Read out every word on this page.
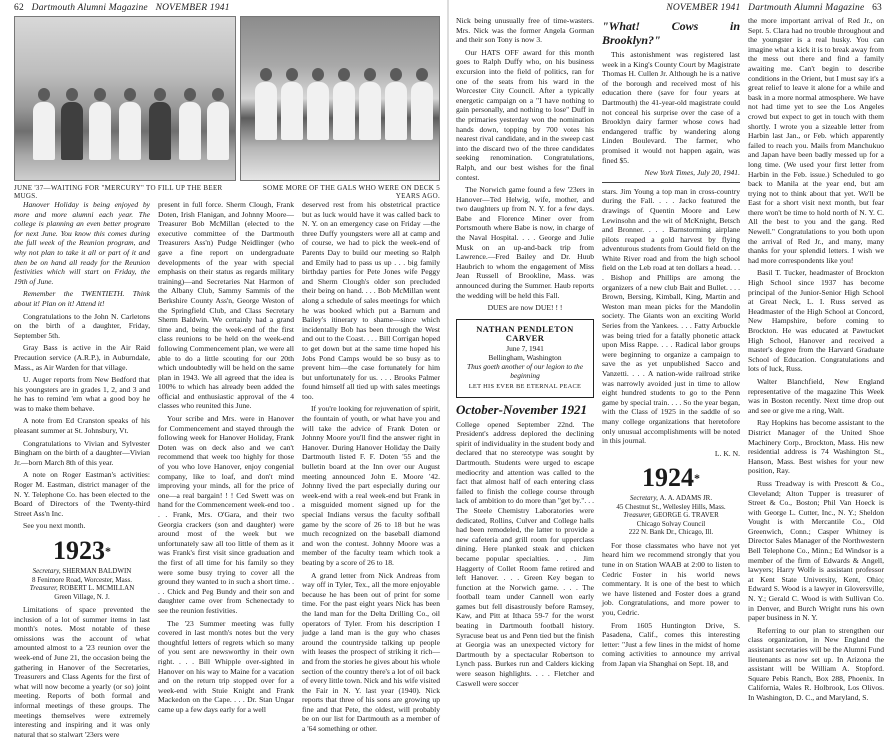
62 Dartmouth Alumni Magazine NOVEMBER 1941	NOVEMBER 1941 Dartmouth Alumni Magazine 63
JUNE '37—WAITING FOR "MERCURY" TO FILL UP THE BEER MUGS.
SOME MORE OF THE GALS WHO WERE ON DECK 5 YEARS AGO.

Hanover Holiday is being enjoyed by more and more alumni each year. The college is planning an even better program for next June. You know this comes during the full week of the Reunion program, and why not plan to take it all or part of it and then be on hand all ready for the Reunion festivities which will start on Friday, the 19th of June.

Remember the TWENTIETH. Think about it! Plan on it! Attend it!

Congratulations to the John N. Carletons on the birth of a daughter, Friday, September 5th.

Gray Bass is active in the Air Raid Precaution service (A.R.P.), in Auburndale, Mass., as Air Warden for that village.

U. Auger reports from New Bedford that his youngsters are in grades 1, 2, and 3 and he has to remind 'em what a good boy he was to make them behave.

A note from Ed Cranston speaks of his pleasant summer at St. Johnsbury, Vt.

Congratulations to Vivian and Sylvester Bingham on the birth of a daughter—Vivian Jr.—born March 8th of this year.

A note on Roger Eastman's activities: Roger M. Eastman, district manager of the N. Y. Telephone Co. has been elected to the Board of Directors of the Twenty-third Street Ass'n Inc.

See you next month.

1923*
Secretary, SHERMAN BALDWIN
8 Fenimore Road, Worcester, Mass.
Treasurer, ROBERT L. MCMILLAN
Green Village, N. J.

Limitations of space prevented the inclusion of a lot of summer items in last month's notes. Most notable of these omissions was the account of what amounted almost to a '23 reunion over the week-end of June 21, the occasion being the gathering in Hanover of the Secretaries, Treasurers and Class Agents for the first of what will now become a yearly (or so) joint meeting. Reports of both formal and informal meetings of these groups. The meetings themselves were extremely interesting and inspiring and it was only natural that so stalwart '23ers were

present in full force. Sherm Clough, Frank Doten, Irish Flanigan, and Johnny Moore—Treasurer Bob McMillan (elected to the executive committee of the Dartmouth Treasurers Ass'n) Pudge Neidlinger (who gave a fine report on undergraduate developments of the year with special emphasis on their status as regards military training)—and Secretaries Nat Harmon of the Albany Club, Sammy Sammis of the Berkshire County Ass'n, George Weston of the Springfield Club, and Class Secretary Sherm Baldwin. We certainly had a grand time and, being the week-end of the first class reunions to be held on the week-end following Commencement plan, we were all able to do a little scouting for our 20th which undoubtedly will be held on the same plan in 1943. We all agreed that the idea is 100% to which has already been added the official and enthusiastic approval of the 4 classes who reunited this June.

Your scribe and Mrs. were in Hanover for Commencement and stayed through the following week for Hanover Holiday, Frank Doten was on deck also and we can't recommend that week too highly for those of you who love Hanover, enjoy congenial company, like to loaf, and don't mind improving your minds, all for the price of one—a real bargain! ! ! Ced Swett was on hand for the Commencement week-end too . . . Frank, Mrs. O'Gara, and their two Georgia crackers (son and daughter) were around most of the week but we unfortunately saw all too little of them as it was Frank's first visit since graduation and the first of all time for his family so they were some busy trying to cover all the ground they wanted to in such a short time. . . . Chick and Peg Bundy and their son and daughter came over from Schenectady to see the reunion festivities.

The '23 Summer meeting was fully covered in last month's notes but the very thoughtful letters of regrets which so many of you sent are newsworthy in their own right. . . . Bill Whipple over-sighted in Hanover on his way to Maine for a vacation and on the return trip stopped over for a week-end with Stuie Knight and Frank Mackedon on the Cape. . . . Dr. Stan Ungar came up a few days early for a well

deserved rest from his obstetrical practice but as luck would have it was called back to N. Y. on an emergency case on Friday —the three Duffy youngsters were all at camp and of course, we had to pick the week-end of Parents Day to build our meeting so Ralph and Emily had to pass us up . . . big family birthday parties for Pete Jones wife Peggy and Sherm Clough's older son precluded their being on hand. . . . Bob McMillan went along a schedule of sales meetings for which he was booked which put a Barnum and Bailey's itinerary to shame—since which incidentally Bob has been through the West and out to the Coast. . . . Bill Corrigan hoped to get down but at the same time hoped his Jobs Pond Camps would be so busy as to prevent him—the case fortunately for him but unfortunately for us. . . . Brooks Palmer found himself all tied up with sales meetings too.

If you're looking for rejuvenation of spirit, the fountain of youth, or what have you and will take the advice of Frank Doten or Johnny Moore you'll find the answer right in Hanover. During Hanover Holiday the Daily Dartmouth listed F. F. Doten '55 and the bulletin board at the Inn over our August meeting announced John E. Moore '42. Johnny lived the part especially during our week-end with a real week-end but Frank in a misguided moment signed up for the special Indians versus the faculty softball game by the score of 26 to 18 but he was much recognized on the baseball diamond and won the contest. Johnny Moore was a member of the faculty team which took a beating by a score of 26 to 18.

A grand letter from Nick Andreas from way off in Tyler, Tex., all the more enjoyable because he has been out of print for some time. For the past eight years Nick has been the land man for the Delta Drilling Co., oil operators of Tyler. From his description I judge a land man is the guy who chases around the countryside talking up people with leases the prospect of striking it rich—and from the stories he gives about his whole section of the country there's a lot of oil back of every little town. Nick and his wife visited the Fair in N. Y. last year (1940). Nick reports that three of his sons are growing up fine and that Pete, the oldest, will probably be on our list for Dartmouth as a member of a '64 something or other.

Nick being unusually free of time-wasters. Mrs. Nick was the former Angela Gorman and their son Tony is now 3.

Our HATS OFF award for this month goes to Ralph Duffy who, on his business excursion into the field of politics, ran for one of the seats from his ward in the Worcester City Council. After a typically energetic campaign on a "I have nothing to gain personally, and nothing to lose" Duff in the primaries yesterday won the nomination hands down, topping by 700 votes his nearest rival candidate, and in the sweep cast into the discard two of the three candidates seeking renomination. Congratulations, Ralph, and our best wishes for the final contest.

The Norwich game found a few '23ers in Hanover—Ted Helwig, wife, mother, and two daughters up from N. Y. for a few days. Babe and Florence Miner over from Portsmouth where Babe is now, in charge of the Naval Hospital. . . . George and Julie Musk on an up-and-back trip from Lawrence.—Fred Bailey and Dr. Huub Haubrich to whom the engagement of Miss Jean Russell of Brookline, Mass. was announced during the Summer. Haub reports the wedding will be held this Fall.

DUES are now DUE! ! !

NATHAN PENDLETON CARVER
June 7, 1941
Bellingham, Washington
Thus goeth another of our legion to the beginning
LET HIS EVER BE ETERNAL PEACE
October-November 1921

College opened September 22nd. The President's address deplored the declining spirit of individuality in the student body and declared that no stereotype was sought by Dartmouth. Students were urged to escape mediocrity and attention was called to the fact that almost half of each entering class failed to finish the college course through lack of ambition to do more than "get by.". . . The Steele Chemistry Laboratories were dedicated, Rollins, Culver and College halls had been remodeled, the latter to provide a new cafeteria and grill room for upperclass dining. Here planked steak and chicken became popular specialties. . . . Jim Haggerty of Collet Room fame retired and left Hanover. . . . Green Key began to function at the Norwich game. . . . The football team under Cannell won early games but fell disastrously before Ramsey, Kaw, and Pitt at Ithaca 59-7 for the worst beating in Dartmouth football history. Syracuse beat us and Penn tied but the finish at Georgia was an unexpected victory for Dartmouth by a spectacular Robertson to Lynch pass. Burkes run and Calders kicking were season highlights. . . . Fletcher and Caswell were soccer

"What! Cows in Brooklyn?"

This astonishment was registered last week in a King's County Court by Magistrate Thomas H. Cullen Jr. Although he is a native of the borough and received most of his education there (save for four years at Dartmouth) the 41-year-old magistrate could not conceal his surprise over the case of a Brooklyn dairy farmer whose cows had endangered traffic by wandering along Linden Boulevard. The farmer, who promised it would not happen again, was fined $5.

New York Times, July 20, 1941.

stars. Jim Young a top man in cross-country during the Fall. . . . Jacko featured the drawings of Quentin Moore and Lew Lewinsohn and the wit of McKnight, Betsch and Bronner. . . . Barnstorming airplane pilots reaped a gold harvest by flying adventurous students from Gould field on the White River road and from the high school field on the Leb road at ten dollars a head. . . . Bishop and Phillips are among the organizers of a new club Bait and Bullet. . . . Brown, Bersing, Kimball, King, Martin and Weston man mean picks for the Mandolin society. The Giants won an exciting World Series from the Yankees. . . . Fatty Arbuckle was being tried for a fatally phonetic attack upon Miss Rappe. . . . Radical labor groups were beginning to organize a campaign to save the as yet unpublished Sacco and Vanzetti. . . . A nation-wide railroad strike was narrowly avoided just in time to allow eight hundred students to go to the Penn game by special train. . . . So the year began, with the Class of 1925 in the saddle of so many college organizations that heretofore only unusual accomplishments will be noted in this journal.

L. K. N.
1924*
Secretary, A. A. ADAMS JR.
45 Chestnut St., Wellesley Hills, Mass.
Treasurer, GEORGE G. TRAVER
Chicago Solvay Council
222 N. Bank Dr., Chicago, Ill.

For those classmates who have not yet heard him we recommend strongly that you tune in on Station WAAB at 2:00 to listen to Cedric Foster in his world news commentary. It is one of the best to which we have listened and Foster does a grand job. Congratulations, and more power to you, Cedric.

From 1605 Huntington Drive, S. Pasadena, Calif., comes this interesting letter: "Just a few lines in the midst of home coming activities to announce my arrival from Japan via Shanghai on Sept. 18, and

the more important arrival of Red Jr., on Sept. 5. Clara had no trouble throughout and the youngster is a real husky. You can imagine what a kick it is to break away from the mess out there and find a family awaiting me. Can't begin to describe conditions in the Orient, but I must say it's a great relief to leave it alone for a while and bask in a more normal atmosphere. We have not had time yet to see the Los Angeles crowd but expect to get in touch with them shortly. I wrote you a sizeable letter from Harbin last Jan., or Feb. which apparently failed to reach you. Mails from Manchukuo and Japan have been badly messed up for a long time. (We used your first letter from Harbin in the Feb. issue.) Scheduled to go back to Manila at the year end, but am trying not to think about that yet. We'll be East for a short visit next month, but fear there won't be time to hold north of N. Y. C. All the best to you and the gang. Red Newell." Congratulations to you both upon the arrival of Red Jr., and many, many thanks for your splendid letters. I wish we had more correspondents like you!

Basil T. Tucker, headmaster of Brockton High School since 1937 has become principal of the Junior-Senior High School at Great Neck, L. I. Russ served as Headmaster of the High School at Concord, New Hampshire, before coming to Brockton. He was educated at Pawtucket High School, Hanover and received a master's degree from the Harvard Graduate School of Education. Congratulations and lots of luck, Russ.

Walter Blanchfield, New England representative of the magazine This Week was in Boston recently. Next time drop out and see or give me a ring, Walt.

Ray Hopkins has become assistant to the District Manager of the United Shoe Machinery Corp., Brockton, Mass. His new residential address is 74 Washington St., Hanson, Mass. Best wishes for your new position, Ray.

Russ Treadway is with Prescott & Co., Cleveland; Alton Tupper is treasurer of Street & Co., Boston; Phil Van Hoeck is with George L. Cutter, Inc., N. Y.; Sheldon Vought is with Mercantile Co., Old Greenwich, Conn.; Casper Whitney is Director Sales Manager of the Northwestern Bell Telephone Co., Minn.; Ed Windsor is a member of the firm of Edwards & Angell, lawyers; Harry Wolfe is assistant professor at Kent State University, Kent, Ohio; Edward S. Wood is a lawyer in Gloversville, N. Y.; Gerald C. Wood is with Sullivan Co. in Denver, and Burch Wright runs his own paper business in N. Y.

Referring to our plan to strengthen our class organization, in New England the assistant secretaries will be the Alumni Fund lieutenants as now set up. In Arizona the assistant will be William A. Stopford. Square Pebis Ranch, Box 288, Phoenix. In California, Wales R. Holbrook, Los Olivos. In Washington, D. C., and Maryland, S.
